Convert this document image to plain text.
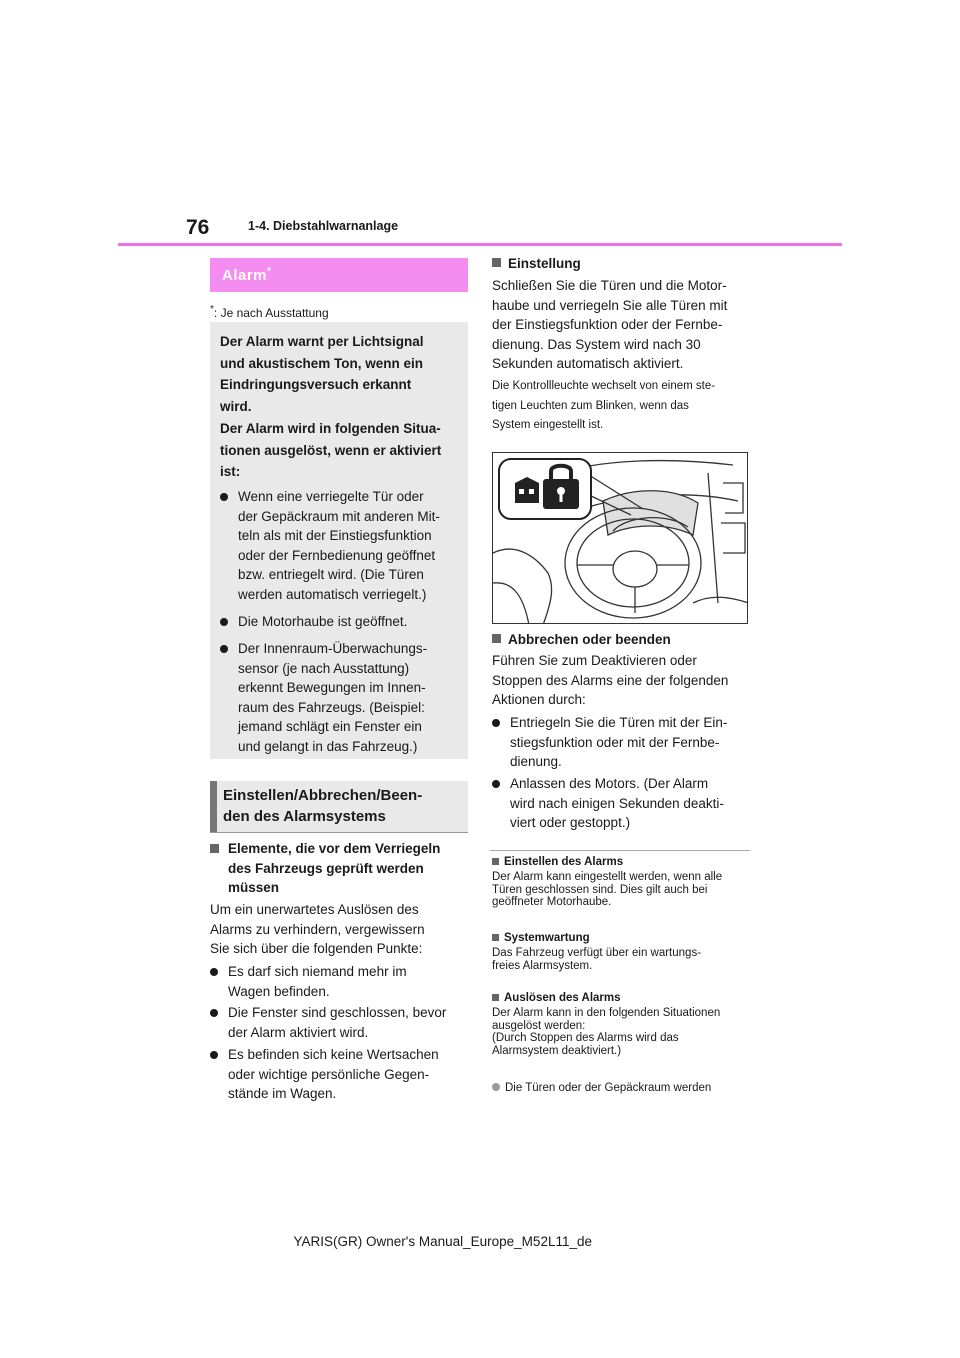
76	1-4. Diebstahlwarnanlage
Alarm*
*: Je nach Ausstattung
Der Alarm warnt per Lichtsignal
und akustischem Ton, wenn ein
Eindringungsversuch erkannt
wird.
Der Alarm wird in folgenden Situa-
tionen ausgelöst, wenn er aktiviert
ist:
Wenn eine verriegelte Tür oder
der Gepäckraum mit anderen Mit-
teln als mit der Einstiegsfunktion
oder der Fernbedienung geöffnet
bzw. entriegelt wird. (Die Türen
werden automatisch verriegelt.)
Die Motorhaube ist geöffnet.
Der Innenraum-Überwachungs-
sensor (je nach Ausstattung)
erkennt Bewegungen im Innen-
raum des Fahrzeugs. (Beispiel:
jemand schlägt ein Fenster ein
und gelangt in das Fahrzeug.)
Einstellen/Abbrechen/Been-
den des Alarmsystems
Elemente, die vor dem Verriegeln
des Fahrzeugs geprüft werden
müssen
Um ein unerwartetes Auslösen des
Alarms zu verhindern, vergewissern
Sie sich über die folgenden Punkte:
Es darf sich niemand mehr im
Wagen befinden.
Die Fenster sind geschlossen, bevor
der Alarm aktiviert wird.
Es befinden sich keine Wertsachen
oder wichtige persönliche Gegen-
stände im Wagen.
Einstellung
Schließen Sie die Türen und die Motor-
haube und verriegeln Sie alle Türen mit
der Einstiegsfunktion oder der Fernbe-
dienung. Das System wird nach 30
Sekunden automatisch aktiviert.
Die Kontrollleuchte wechselt von einem ste-
tigen Leuchten zum Blinken, wenn das
System eingestellt ist.
Abbrechen oder beenden
Führen Sie zum Deaktivieren oder
Stoppen des Alarms eine der folgenden
Aktionen durch:
Entriegeln Sie die Türen mit der Ein-
stiegsfunktion oder mit der Fernbe-
dienung.
Anlassen des Motors. (Der Alarm
wird nach einigen Sekunden deakti-
viert oder gestoppt.)
Einstellen des Alarms
Der Alarm kann eingestellt werden, wenn alle
Türen geschlossen sind. Dies gilt auch bei
geöffneter Motorhaube.
Systemwartung
Das Fahrzeug verfügt über ein wartungs-
freies Alarmsystem.
Auslösen des Alarms
Der Alarm kann in den folgenden Situationen
ausgelöst werden:
(Durch Stoppen des Alarms wird das
Alarmsystem deaktiviert.)
Die Türen oder der Gepäckraum werden
YARIS(GR) Owner's Manual_Europe_M52L11_de
